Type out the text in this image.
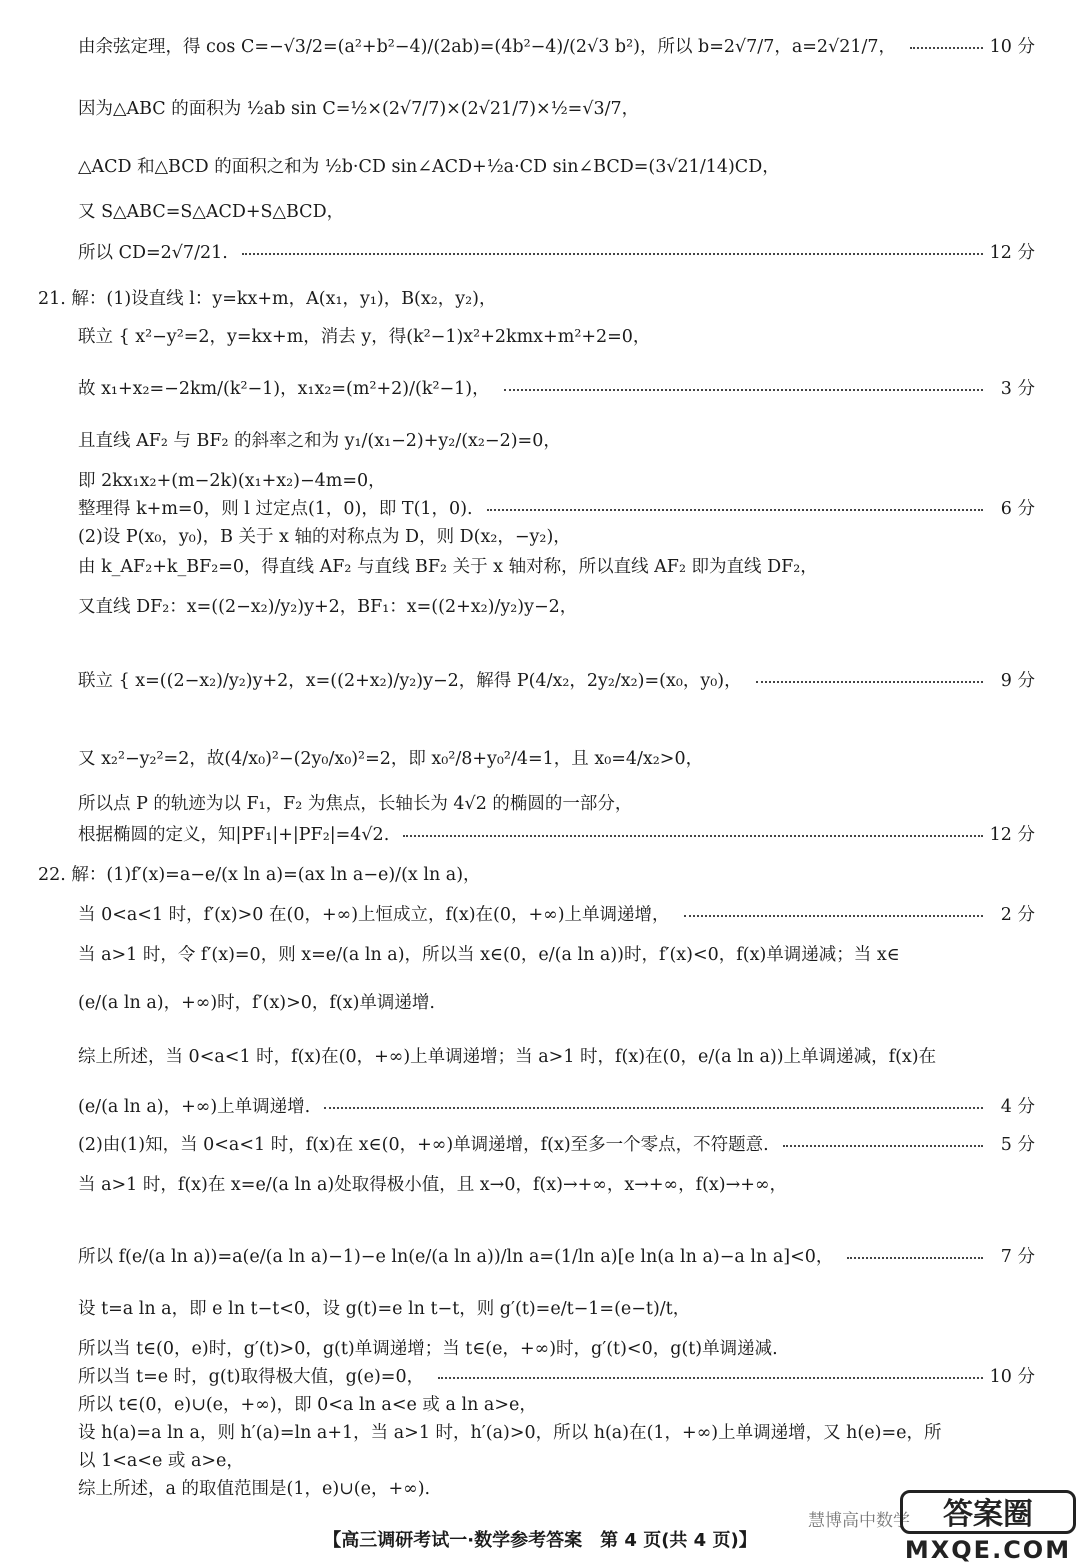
由余弦定理，得 cos C=−√3/2=(a²+b²−4)/(2ab)=(4b²−4)/(2√3 b²)，所以 b=2√7/7，a=2√21/7，	10 分
因为△ABC 的面积为 ½ab sin C=½×(2√7/7)×(2√21/7)×½=√3/7，
△ACD 和△BCD 的面积之和为 ½b·CD sin∠ACD+½a·CD sin∠BCD=(3√21/14)CD，
又 S△ABC=S△ACD+S△BCD，
所以 CD=2√7/21.	12 分
21. 解：(1)设直线 l：y=kx+m，A(x₁，y₁)，B(x₂，y₂)，
联立 { x²−y²=2，y=kx+m，消去 y，得(k²−1)x²+2kmx+m²+2=0，
故 x₁+x₂=−2km/(k²−1)，x₁x₂=(m²+2)/(k²−1)，	3 分
且直线 AF₂ 与 BF₂ 的斜率之和为 y₁/(x₁−2)+y₂/(x₂−2)=0，
即 2kx₁x₂+(m−2k)(x₁+x₂)−4m=0，
整理得 k+m=0，则 l 过定点(1，0)，即 T(1，0).	6 分
(2)设 P(x₀，y₀)，B 关于 x 轴的对称点为 D，则 D(x₂，−y₂)，
由 k_AF₂+k_BF₂=0，得直线 AF₂ 与直线 BF₂ 关于 x 轴对称，所以直线 AF₂ 即为直线 DF₂，
又直线 DF₂：x=((2−x₂)/y₂)y+2，BF₁：x=((2+x₂)/y₂)y−2，
联立 { x=((2−x₂)/y₂)y+2，x=((2+x₂)/y₂)y−2，解得 P(4/x₂，2y₂/x₂)=(x₀，y₀)，	9 分
又 x₂²−y₂²=2，故(4/x₀)²−(2y₀/x₀)²=2，即 x₀²/8+y₀²/4=1，且 x₀=4/x₂>0，
所以点 P 的轨迹为以 F₁，F₂ 为焦点，长轴长为 4√2 的椭圆的一部分，
根据椭圆的定义，知|PF₁|+|PF₂|=4√2.	12 分
22. 解：(1)f′(x)=a−e/(x ln a)=(ax ln a−e)/(x ln a)，
当 0<a<1 时，f′(x)>0 在(0，+∞)上恒成立，f(x)在(0，+∞)上单调递增，	2 分
当 a>1 时，令 f′(x)=0，则 x=e/(a ln a)，所以当 x∈(0，e/(a ln a))时，f′(x)<0，f(x)单调递减；当 x∈
(e/(a ln a)，+∞)时，f′(x)>0，f(x)单调递增.
综上所述，当 0<a<1 时，f(x)在(0，+∞)上单调递增；当 a>1 时，f(x)在(0，e/(a ln a))上单调递减，f(x)在
(e/(a ln a)，+∞)上单调递增.	4 分
(2)由(1)知，当 0<a<1 时，f(x)在 x∈(0，+∞)单调递增，f(x)至多一个零点，不符题意.	5 分
当 a>1 时，f(x)在 x=e/(a ln a)处取得极小值，且 x→0，f(x)→+∞，x→+∞，f(x)→+∞，
所以 f(e/(a ln a))=a(e/(a ln a)−1)−e ln(e/(a ln a))/ln a=(1/ln a)[e ln(a ln a)−a ln a]<0，	7 分
设 t=a ln a，即 e ln t−t<0，设 g(t)=e ln t−t，则 g′(t)=e/t−1=(e−t)/t，
所以当 t∈(0，e)时，g′(t)>0，g(t)单调递增；当 t∈(e，+∞)时，g′(t)<0，g(t)单调递减.
所以当 t=e 时，g(t)取得极大值，g(e)=0，	10 分
所以 t∈(0，e)∪(e，+∞)，即 0<a ln a<e 或 a ln a>e，
设 h(a)=a ln a，则 h′(a)=ln a+1，当 a>1 时，h′(a)>0，所以 h(a)在(1，+∞)上单调递增，又 h(e)=e，所
以 1<a<e 或 a>e，
综上所述，a 的取值范围是(1，e)∪(e，+∞).
【高三调研考试一·数学参考答案　第 4 页(共 4 页)】
慧博高中数学	答案圈
MXQE.COM
